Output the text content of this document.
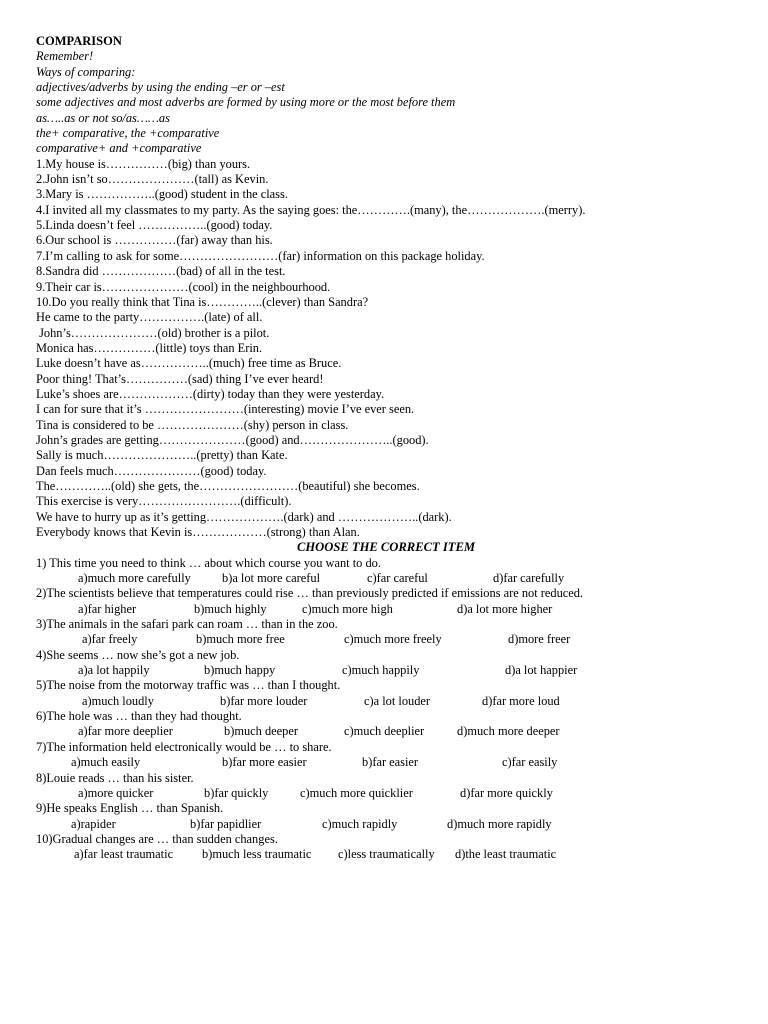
COMPARISON
Remember!
Ways of comparing:
adjectives/adverbs by using the ending –er or –est
some adjectives and most adverbs are formed by using more or the most before them
as…..as or not so/as……as
the+ comparative, the +comparative
comparative+ and +comparative
1.My house is……………(big) than yours.
2.John isn’t so…………………(tall) as Kevin.
3.Mary is ……………..(good) student in the class.
4.I invited all my classmates to my party. As the saying goes: the………….(many), the……………….(merry).
5.Linda doesn’t feel ……………..(good) today.
6.Our school is ……………(far) away than his.
7.I’m calling to ask for some……………………(far) information on this package holiday.
8.Sandra did ………………(bad) of all in the test.
9.Their car is…………………(cool) in the neighbourhood.
10.Do you really think that Tina is…………..(clever) than Sandra?
He came to the party…………….(late) of all.
John’s…………………(old) brother is a pilot.
Monica has……………(little) toys than Erin.
Luke doesn’t have as……………..(much) free time as Bruce.
Poor thing! That’s……………(sad) thing I’ve ever heard!
Luke’s shoes are………………(dirty) today than they were yesterday.
I can for sure that it’s ……………………(interesting) movie I’ve ever seen.
Tina is considered to be …………………(shy) person in class.
John’s grades are getting…………………(good) and…………………..(good).
Sally is much…………………..(pretty) than Kate.
Dan feels much…………………(good) today.
The…………..(old) she gets, the……………………(beautiful) she becomes.
This exercise is very…………………….(difficult).
We have to hurry up as it’s getting……………….(dark) and ………………..(dark).
Everybody knows that Kevin is………………(strong) than Alan.
CHOOSE THE CORRECT ITEM
1) This time you need to think … about which course you want to do.

a)much more carefully

	b)a lot more careful

	c)far careful

	d)far carefully

2)The scientists believe that temperatures could rise … than previously predicted if emissions are not reduced.

a)far higher

	b)much highly

	c)much more high

	d)a lot more higher

3)The animals in the safari park can roam … than in the zoo.

a)far freely

	b)much more free

	c)much more freely

	d)more freer

4)She seems … now she’s got a new job.

a)a lot happily

	b)much happy

	c)much happily

	d)a lot happier

5)The noise from the motorway traffic was … than I thought.

a)much loudly

	b)far more louder

	c)a lot louder

	d)far more loud

6)The hole was … than they had thought.

a)far more deeplier

	b)much deeper

	c)much deeplier

	d)much more deeper

7)The information held electronically would be … to share.

a)much easily

	b)far more easier

	b)far easier

	c)far easily

8)Louie reads … than his sister.

a)more quicker

	b)far quickly

	c)much more quicklier

	d)far more quickly

9)He speaks English … than Spanish.

a)rapider

	b)far papidlier

	c)much rapidly

	d)much more rapidly

10)Gradual changes are … than sudden changes.

a)far least traumatic

b)much less traumatic

c)less traumatically

d)the least traumatic
